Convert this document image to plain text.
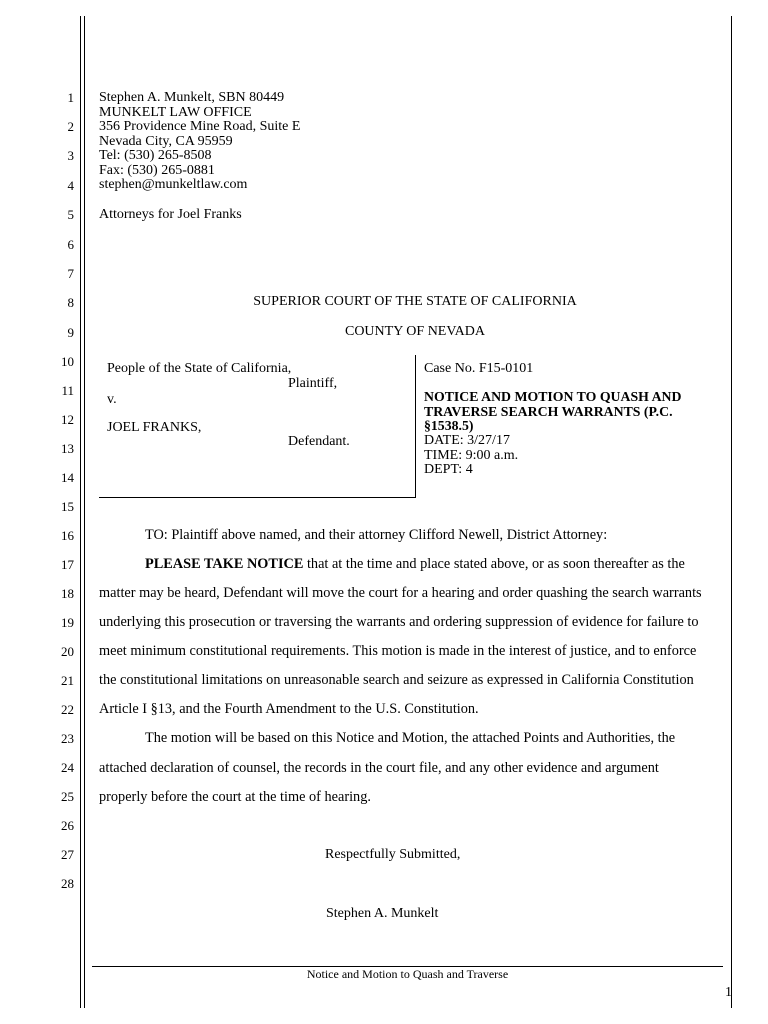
1
2
3
4
5
6
7
8
9
10
11
12
13
14
15
16
17
18
19
20
21
22
23
24
25
26
27
28
Stephen A. Munkelt, SBN 80449
MUNKELT LAW OFFICE
356 Providence Mine Road, Suite E
Nevada City, CA 95959
Tel: (530) 265-8508
Fax: (530) 265-0881
stephen@munkeltlaw.com
Attorneys for Joel Franks
SUPERIOR COURT OF THE STATE OF CALIFORNIA
COUNTY OF NEVADA
People of the State of California,
Plaintiff,
v.
JOEL FRANKS,
Defendant.
Case No. F15-0101
NOTICE AND MOTION TO QUASH AND
TRAVERSE SEARCH WARRANTS (P.C.
§1538.5)
DATE: 3/27/17
TIME: 9:00 a.m.
DEPT: 4
TO: Plaintiff above named, and their attorney Clifford Newell, District Attorney:
PLEASE TAKE NOTICE that at the time and place stated above, or as soon thereafter as the
matter may be heard, Defendant will move the court for a hearing and order quashing the search warrants
underlying this prosecution or traversing the warrants and ordering suppression of evidence for failure to
meet minimum constitutional requirements. This motion is made in the interest of justice, and to enforce
the constitutional limitations on unreasonable search and seizure as expressed in California Constitution
Article I §13, and the Fourth Amendment to the U.S. Constitution.
The motion will be based on this Notice and Motion, the attached Points and Authorities, the
attached declaration of counsel, the records in the court file, and any other evidence and argument
properly before the court at the time of hearing.
Respectfully Submitted,
Stephen A. Munkelt
Notice and Motion to Quash and Traverse
1
